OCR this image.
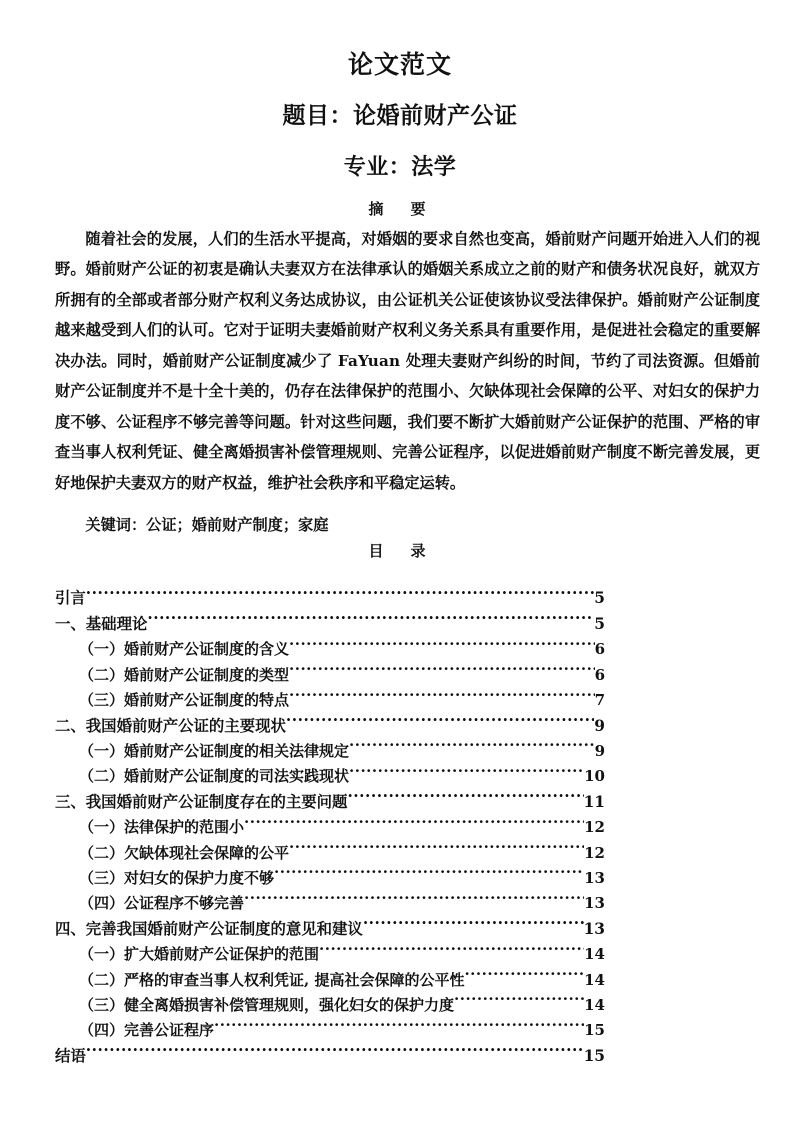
论文范文
题目：论婚前财产公证
专业：法学
摘　要

随着社会的发展，人们的生活水平提高，对婚姻的要求自然也变高，婚前财产问题开始进入人们的视野。婚前财产公证的初衷是确认夫妻双方在法律承认的婚姻关系成立之前的财产和债务状况良好，就双方所拥有的全部或者部分财产权利义务达成协议，由公证机关公证使该协议受法律保护。婚前财产公证制度越来越受到人们的认可。它对于证明夫妻婚前财产权利义务关系具有重要作用，是促进社会稳定的重要解决办法。同时，婚前财产公证制度减少了 FaYuan 处理夫妻财产纠纷的时间，节约了司法资源。但婚前财产公证制度并不是十全十美的，仍存在法律保护的范围小、欠缺体现社会保障的公平、对妇女的保护力度不够、公证程序不够完善等问题。针对这些问题，我们要不断扩大婚前财产公证保护的范围、严格的审查当事人权利凭证、健全离婚损害补偿管理规则、完善公证程序，以促进婚前财产制度不断完善发展，更好地保护夫妻双方的财产权益，维护社会秩序和平稳定运转。

关键词：公证；婚前财产制度；家庭

目　录
引言 .....	5
一、基础理论 .....	5
（一）婚前财产公证制度的含义 .....	6
（二）婚前财产公证制度的类型 .....	6
（三）婚前财产公证制度的特点 .....	7
二、我国婚前财产公证的主要现状 .....	9
（一）婚前财产公证制度的相关法律规定 .....	9
（二）婚前财产公证制度的司法实践现状 .....	10
三、我国婚前财产公证制度存在的主要问题 .....	11
（一）法律保护的范围小 .....	12
（二）欠缺体现社会保障的公平 .....	12
（三）对妇女的保护力度不够 .....	13
（四）公证程序不够完善 .....	13
四、完善我国婚前财产公证制度的意见和建议 .....	13
（一）扩大婚前财产公证保护的范围 .....	14
（二）严格的审查当事人权利凭证, 提高社会保障的公平性 .....	14
（三）健全离婚损害补偿管理规则，强化妇女的保护力度 .....	14
（四）完善公证程序 .....	15
结语 .....	15
